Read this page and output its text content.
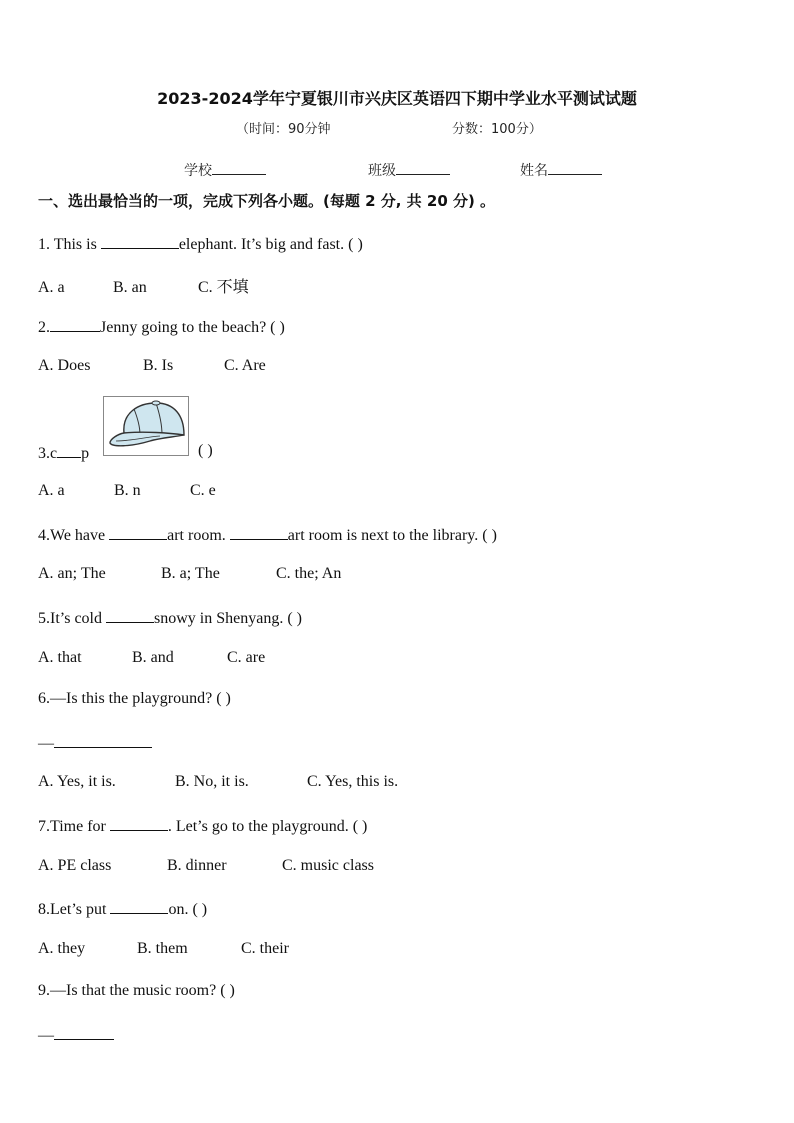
2023-2024学年宁夏银川市兴庆区英语四下期中学业水平测试试题
（时间：90分钟	分数：100分）
学校	班级	姓名
一、选出最恰当的一项，完成下列各小题。(每题 2 分, 共 20 分) 。
1. This is	elephant. It’s big and fast. ( )
A. a	B. an	C. 不填
2.	Jenny going to the beach? ( )
A. Does	B. Is	C. Are
3.c p	( )
A. a	B. n	C. e
4.We have	art room.	art room is next to the library. ( )
A. an; The	B. a; The	C. the; An
5.It’s cold	snowy in Shenyang. ( )
A. that	B. and	C. are
6.—Is this the playground? ( )
—
A. Yes, it is.	B. No, it is.	C. Yes, this is.
7.Time for	. Let’s go to the playground. ( )
A. PE class	B. dinner	C. music class
8.Let’s put	on. ( )
A. they	B. them	C. their
9.—Is that the music room? ( )
—
